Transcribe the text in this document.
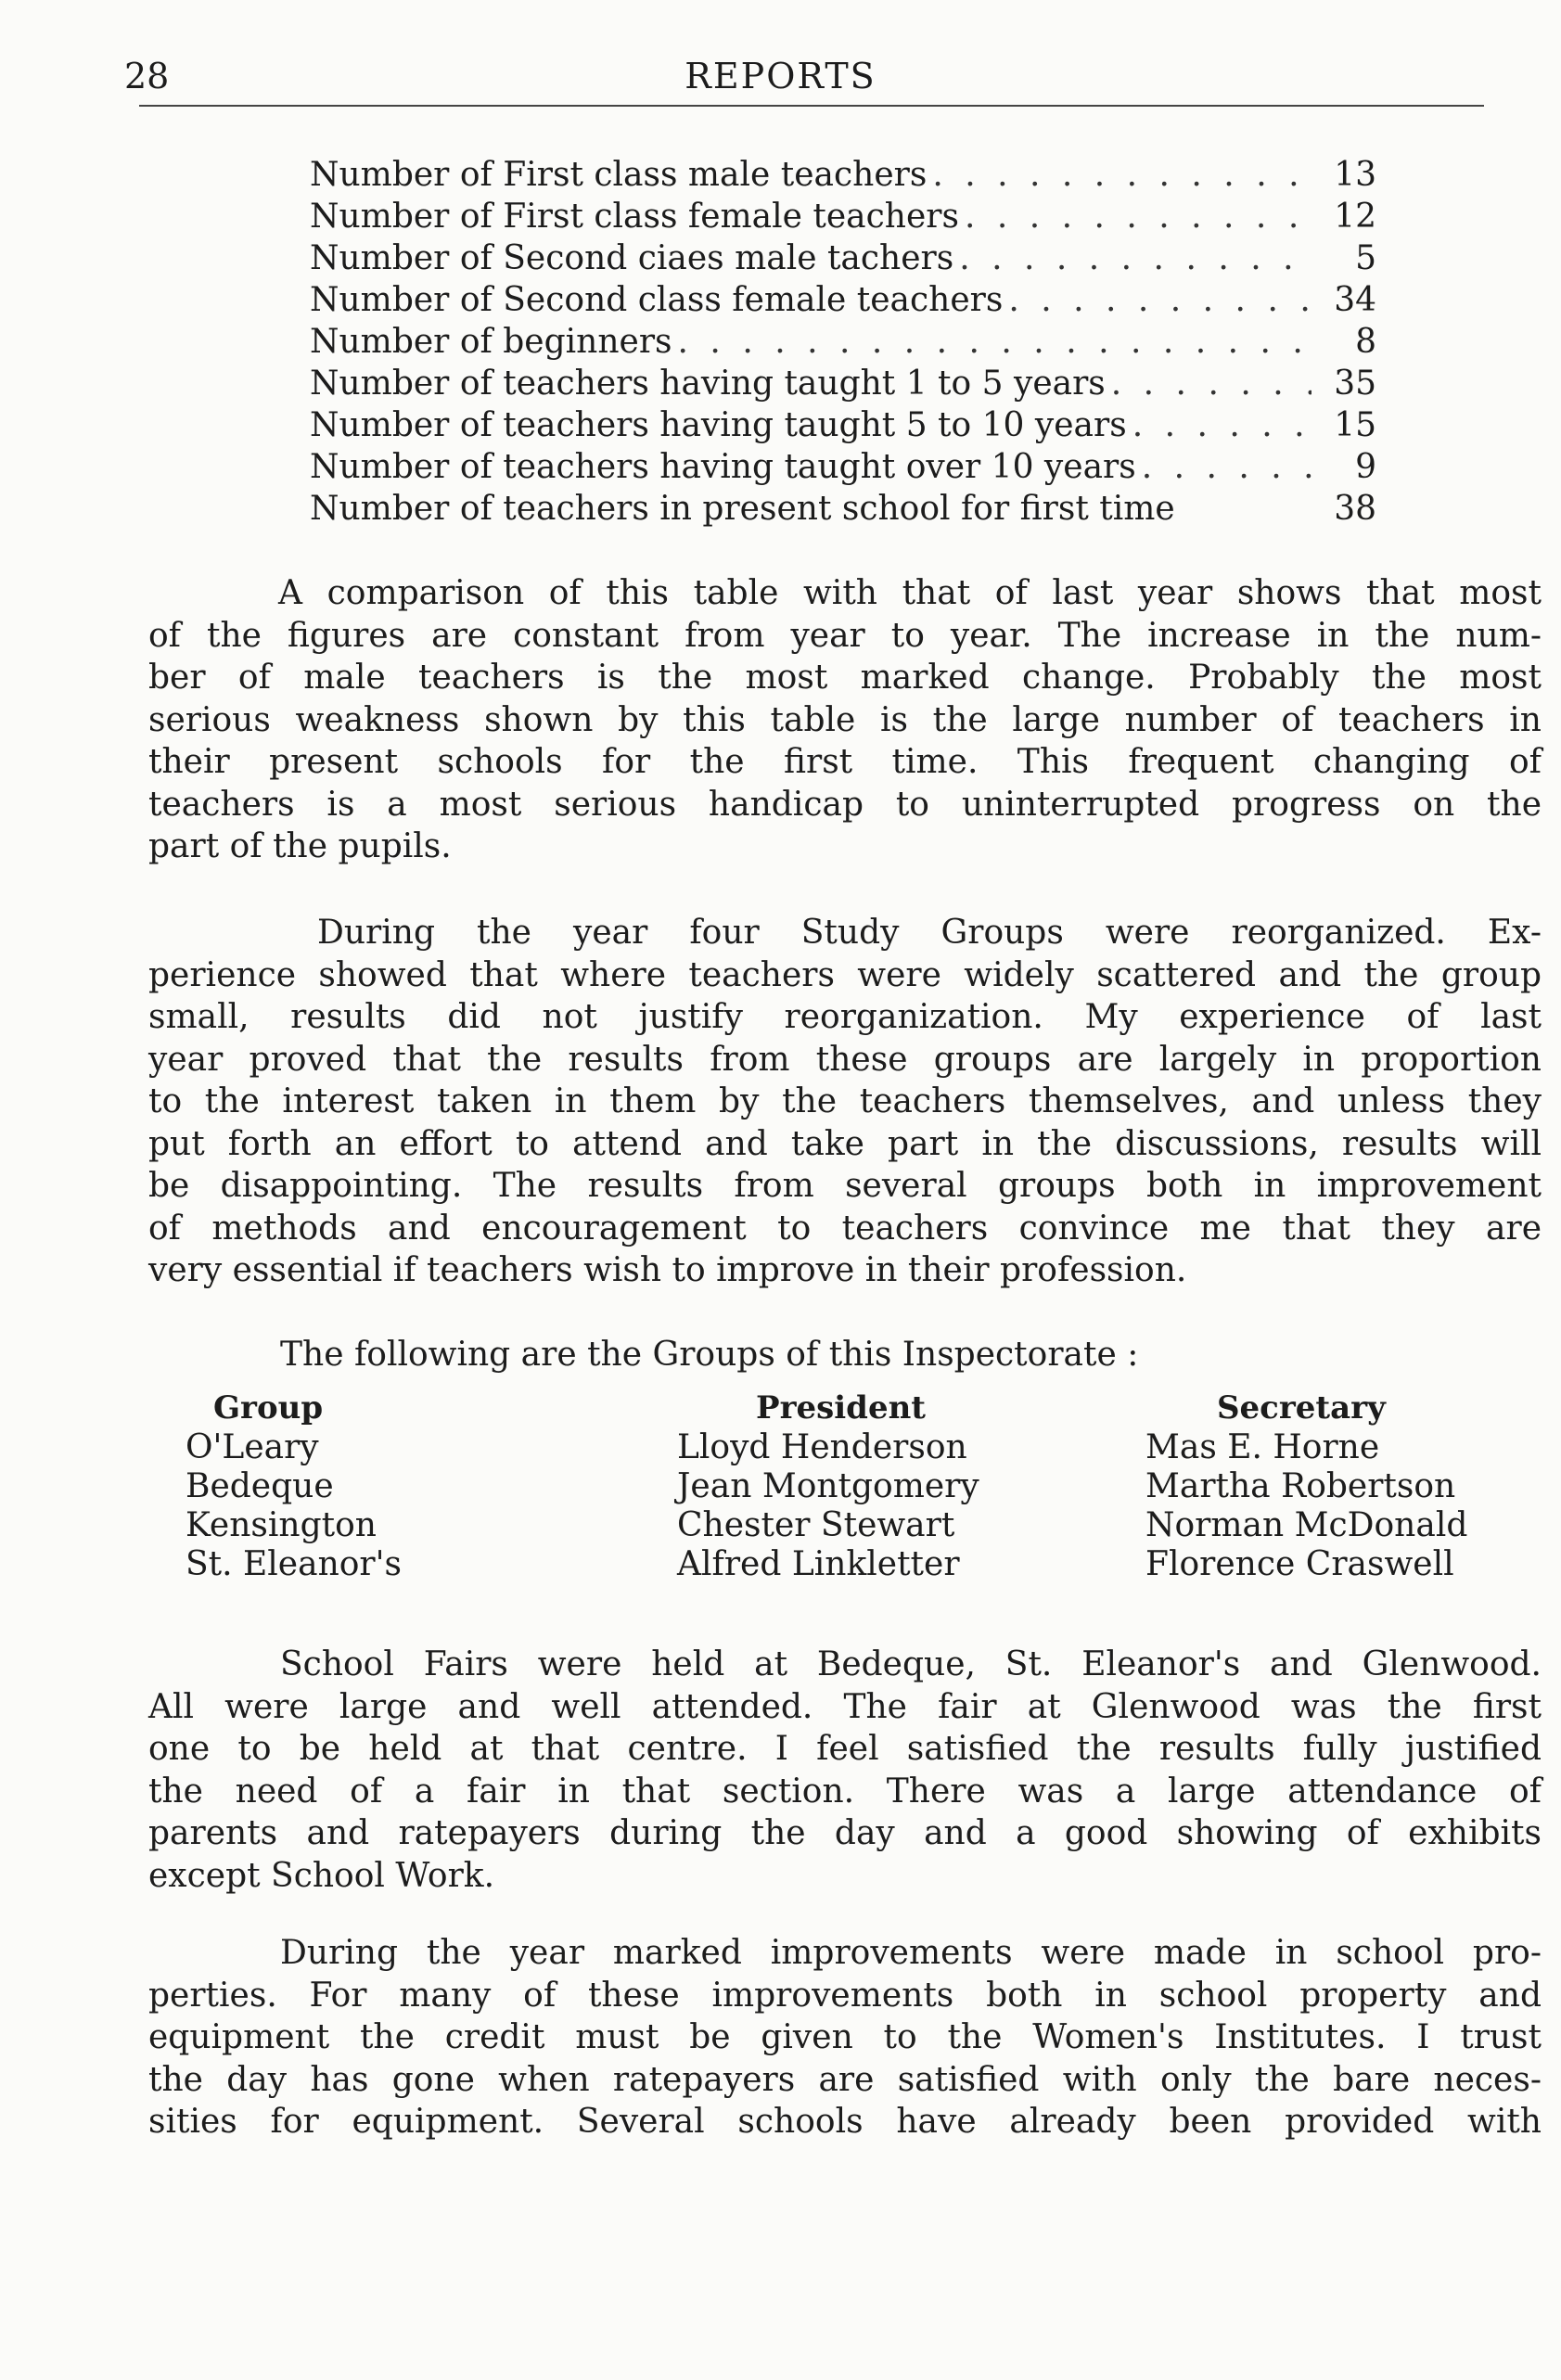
28	REPORTS
Number of First class male teachers . . .	13
Number of First class female teachers . . .	12
Number of Second ciaes male tachers . . .	5
Number of Second class female teachers . . .	34
Number of beginners . . .	8
Number of teachers having taught 1 to 5 years . . .	35
Number of teachers having taught 5 to 10 years . . .	15
Number of teachers having taught over 10 years . . .	9
Number of teachers in present school for first time	38
A comparison of this table with that of last year shows that most
of the figures are constant from year to year. The increase in the num-
ber of male teachers is the most marked change. Probably the most
serious weakness shown by this table is the large number of teachers in
their present schools for the first time. This frequent changing of
teachers is a most serious handicap to uninterrupted progress on the
part of the pupils.
During the year four Study Groups were reorganized. Ex-
perience showed that where teachers were widely scattered and the group
small, results did not justify reorganization. My experience of last
year proved that the results from these groups are largely in proportion
to the interest taken in them by the teachers themselves, and unless they
put forth an effort to attend and take part in the discussions, results will
be disappointing. The results from several groups both in improvement
of methods and encouragement to teachers convince me that they are
very essential if teachers wish to improve in their profession.
The following are the Groups of this Inspectorate :
Group	President	Secretary
O'Leary	Lloyd Henderson	Mas E. Horne
Bedeque	Jean Montgomery	Martha Robertson
Kensington	Chester Stewart	Norman McDonald
St. Eleanor's	Alfred Linkletter	Florence Craswell
School Fairs were held at Bedeque, St. Eleanor's and Glenwood.
All were large and well attended. The fair at Glenwood was the first
one to be held at that centre. I feel satisfied the results fully justified
the need of a fair in that section. There was a large attendance of
parents and ratepayers during the day and a good showing of exhibits
except School Work.
During the year marked improvements were made in school pro-
perties. For many of these improvements both in school property and
equipment the credit must be given to the Women's Institutes. I trust
the day has gone when ratepayers are satisfied with only the bare neces-
sities for equipment. Several schools have already been provided with
